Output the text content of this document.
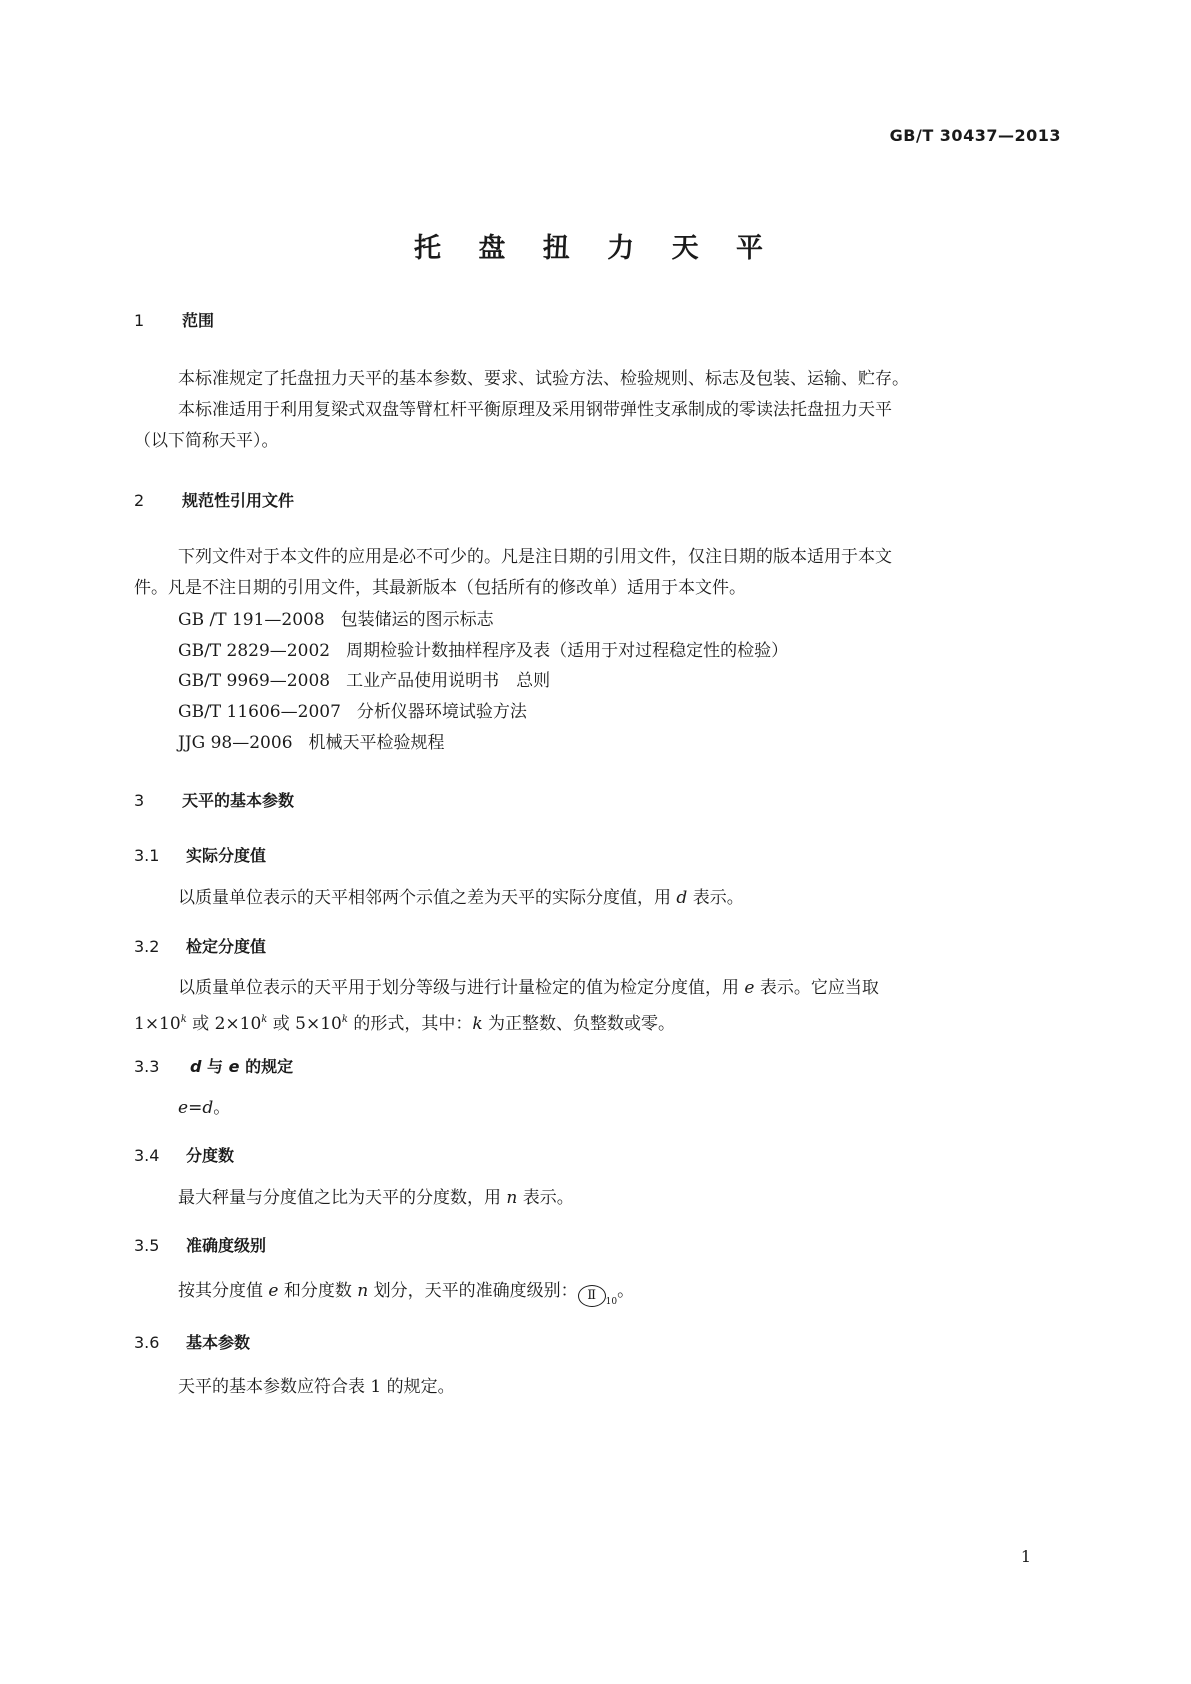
GB/T 30437—2013
托 盘 扭 力 天 平
1 范围
本标准规定了托盘扭力天平的基本参数、要求、试验方法、检验规则、标志及包装、运输、贮存。
本标准适用于利用复梁式双盘等臂杠杆平衡原理及采用钢带弹性支承制成的零读法托盘扭力天平
（以下简称天平）。
2 规范性引用文件
下列文件对于本文件的应用是必不可少的。凡是注日期的引用文件，仅注日期的版本适用于本文
件。凡是不注日期的引用文件，其最新版本（包括所有的修改单）适用于本文件。
GB /T 191—2008 包装储运的图示标志
GB/T 2829—2002 周期检验计数抽样程序及表（适用于对过程稳定性的检验）
GB/T 9969—2008 工业产品使用说明书　总则
GB/T 11606—2007 分析仪器环境试验方法
JJG 98—2006 机械天平检验规程
3 天平的基本参数
3.1 实际分度值
以质量单位表示的天平相邻两个示值之差为天平的实际分度值，用 d 表示。
3.2 检定分度值
以质量单位表示的天平用于划分等级与进行计量检定的值为检定分度值，用 e 表示。它应当取
$1\times 10^k$ 或 $2\times 10^k$ 或 $5\times 10^k$ 的形式，其中：k 为正整数、负整数或零。
3.3 d 与 e 的规定
e=d。
3.4 分度数
最大秤量与分度值之比为天平的分度数，用 n 表示。
3.5 准确度级别
按其分度值 e 和分度数 n 划分，天平的准确度级别： Ⅱ $_{10}$。
3.6 基本参数
天平的基本参数应符合表 1 的规定。
1
